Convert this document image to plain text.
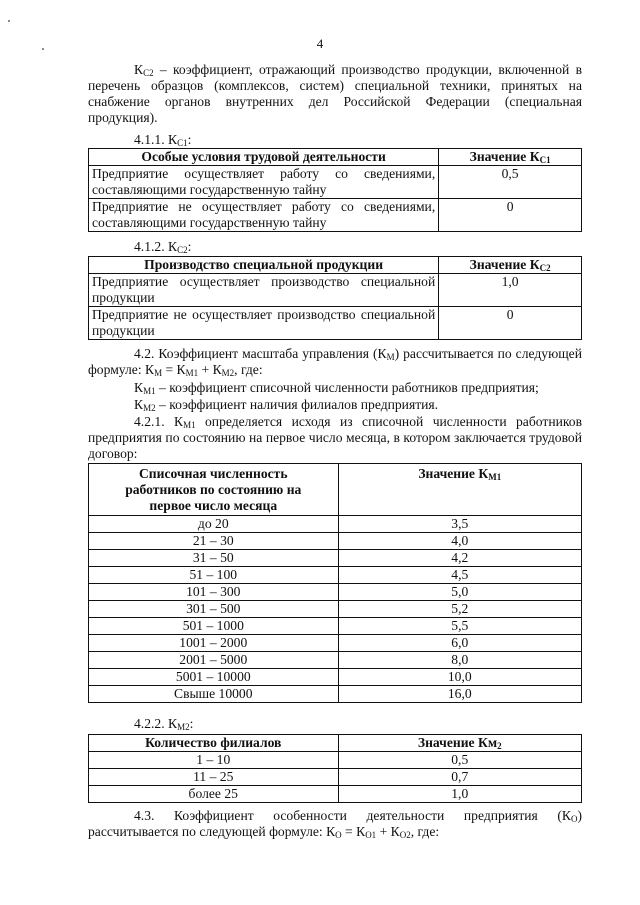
4

$К_{С2}$ – коэффициент, отражающий производство продукции, включенной в перечень образцов (комплексов, систем) специальной техники, принятых на снабжение органов внутренних дел Российской Федерации (специальная продукция).

4.1.1. $К_{С1}$:

Особые условия трудовой деятельности	Значение $К_{С1}$
Предприятие осуществляет работу со сведениями, составляющими государственную тайну	0,5
Предприятие не осуществляет работу со сведениями, составляющими государственную тайну	0

4.1.2. $К_{С2}$:

Производство специальной продукции	Значение $К_{С2}$
Предприятие осуществляет производство специальной продукции	1,0
Предприятие не осуществляет производство специальной продукции	0

4.2. Коэффициент масштаба управления $(К_М)$ рассчитывается по следующей формуле: $К_М = К_{М1} + К_{М2}$, где:

$К_{М1}$ – коэффициент списочной численности работников предприятия;

$К_{М2}$ – коэффициент наличия филиалов предприятия.

4.2.1. $К_{М1}$ определяется исходя из списочной численности работников предприятия по состоянию на первое число месяца, в котором заключается трудовой договор:

Списочная численность работников по состоянию на первое число месяца	Значение $К_{М1}$
до 20	3,5
21 – 30	4,0
31 – 50	4,2
51 – 100	4,5
101 – 300	5,0
301 – 500	5,2
501 – 1000	5,5
1001 – 2000	6,0
2001 – 5000	8,0
5001 – 10000	10,0
Свыше 10000	16,0

4.2.2. $К_{М2}$:

Количество филиалов	Значение $Км_2$
1 – 10	0,5
11 – 25	0,7
более 25	1,0

4.3. Коэффициент особенности деятельности предприятия $(К_О)$ рассчитывается по следующей формуле: $К_О = К_{О1} + К_{О2}$, где:
